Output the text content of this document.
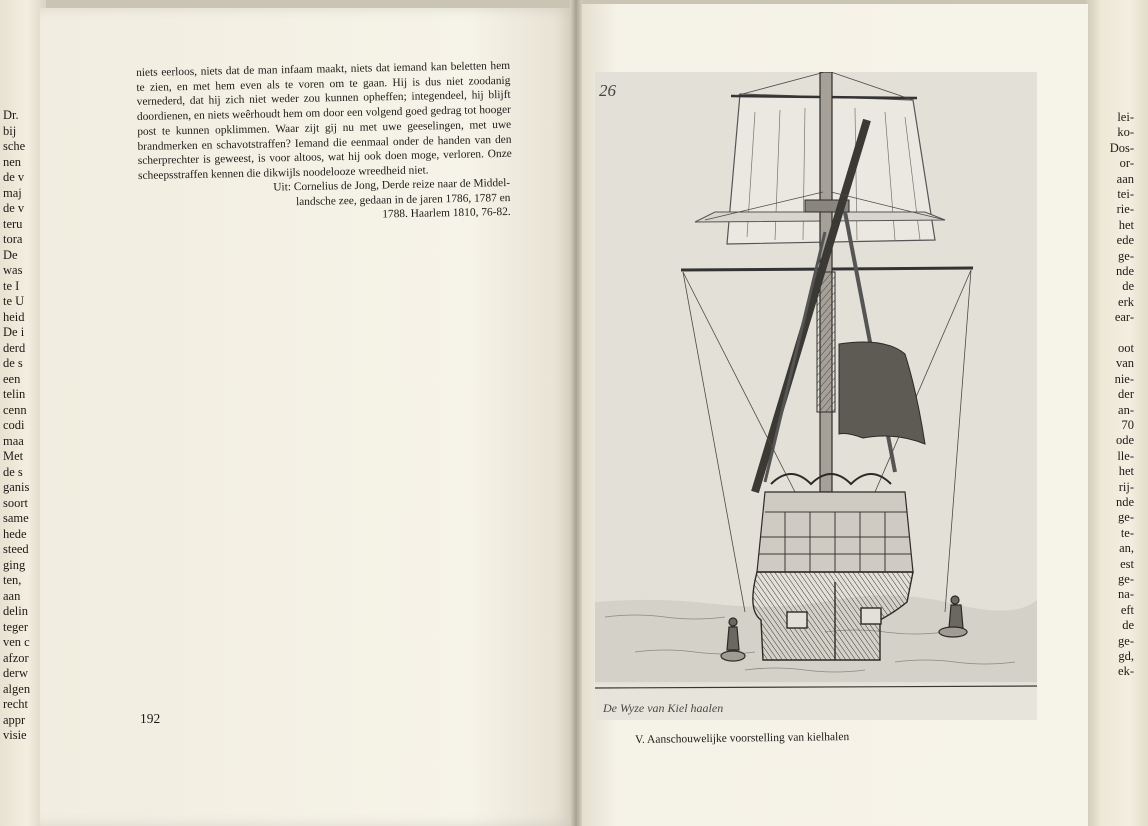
Dr.
bij
sche
nen
de v
maj
de v
teru
tora
De
was
te I
te U
heid
De i
derd
de s
een
telin
cenn
codi
maa
Met
de s
ganis
soort
same
hede
steed
ging
ten,
aan
delin
teger
ven c
afzor
derw
algen
recht
appr
visie
lei-
ko-
Dos-
or-
aan
tei-
rie-
het
ede
ge-
nde
de
erk
ear-
oot
van
nie-
der
an-
70
ode
lle-
het
rij-
nde
ge-
te-
an,
est
ge-
na-
eft
de
ge-
gd,
ek-

niets eerloos, niets dat de man infaam maakt, niets dat iemand kan beletten hem te zien, en met hem even als te voren om te gaan. Hij is dus niet zoodanig vernederd, dat hij zich niet weder zou kunnen opheffen; integendeel, hij blijft doordienen, en niets weêrhoudt hem om door een volgend goed gedrag tot hooger post te kunnen opklimmen. Waar zijt gij nu met uwe geeselingen, met uwe brandmerken en schavotstraffen? Iemand die eenmaal onder de handen van den scherprechter is geweest, is voor altoos, wat hij ook doen moge, verloren. Onze scheepsstraffen kennen die dikwijls noodelooze wreedheid niet.

Uit: Cornelius de Jong, Derde reize naar de Middel-
landsche zee, gedaan in de jaren 1786, 1787 en
1788. Haarlem 1810, 76-82.
192
26
De Wyze van Kiel haalen
V. Aanschouwelijke voorstelling van kielhalen
